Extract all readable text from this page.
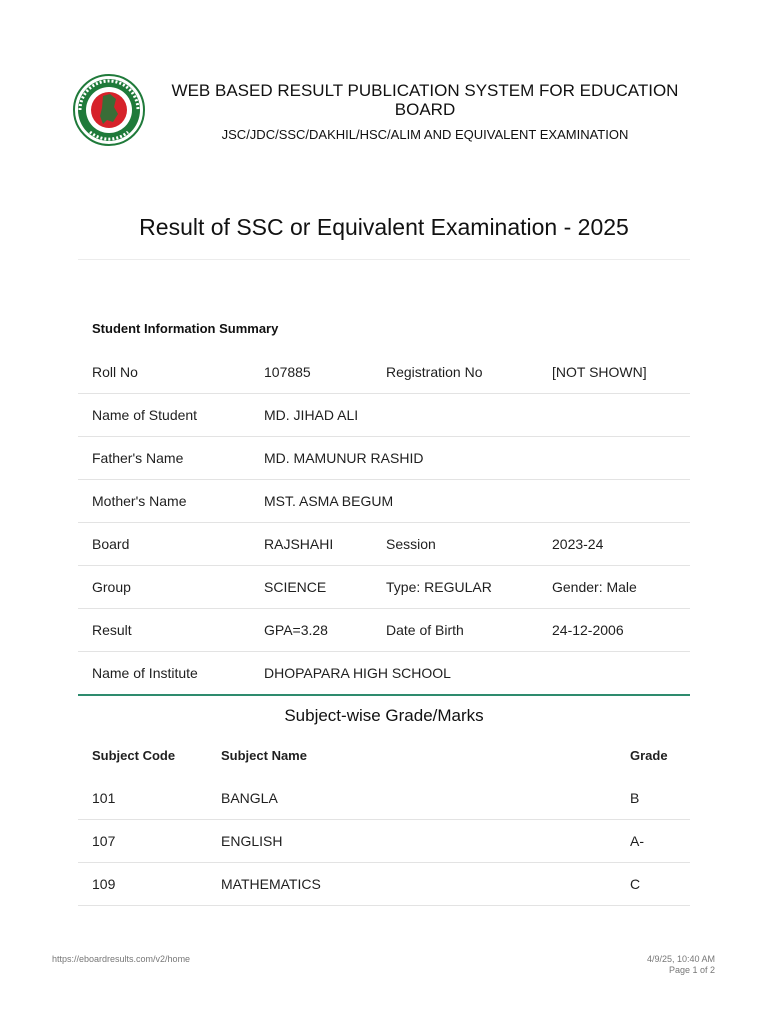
WEB BASED RESULT PUBLICATION SYSTEM FOR EDUCATION BOARD
JSC/JDC/SSC/DAKHIL/HSC/ALIM AND EQUIVALENT EXAMINATION
Result of SSC or Equivalent Examination - 2025
Student Information Summary
Roll No	107885	Registration No	[NOT SHOWN]
Name of Student	MD. JIHAD ALI
Father's Name	MD. MAMUNUR RASHID
Mother's Name	MST. ASMA BEGUM
Board	RAJSHAHI	Session	2023-24
Group	SCIENCE	Type: REGULAR	Gender: Male
Result	GPA=3.28	Date of Birth	24-12-2006
Name of Institute	DHOPAPARA HIGH SCHOOL
Subject-wise Grade/Marks
Subject Code	Subject Name	Grade
101	BANGLA	B
107	ENGLISH	A-
109	MATHEMATICS	C
https://eboardresults.com/v2/home	4/9/25, 10:40 AM
Page 1 of 2
